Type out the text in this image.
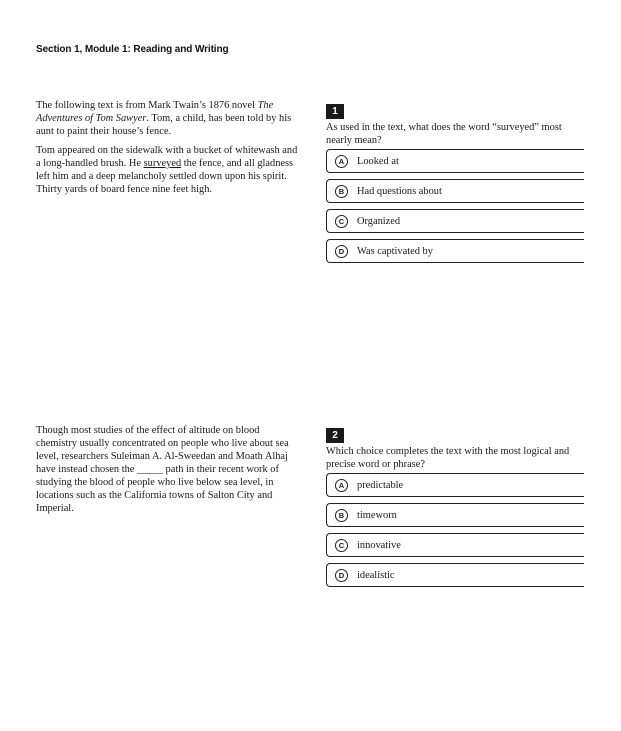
Section 1, Module 1: Reading and Writing

The following text is from Mark Twain’s 1876 novel The Adventures of Tom Sawyer. Tom, a child, has been told by his aunt to paint their house’s fence.

Tom appeared on the sidewalk with a bucket of whitewash and a long-handled brush. He surveyed the fence, and all gladness left him and a deep melancholy settled down upon his spirit. Thirty yards of board fence nine feet high.

1
As used in the text, what does the word “surveyed” most nearly mean?
A	Looked at
B	Had questions about
C	Organized
D	Was captivated by

Though most studies of the effect of altitude on blood chemistry usually concentrated on people who live about sea level, researchers Suleiman A. Al-Sweedan and Moath Alhaj have instead chosen the _____ path in their recent work of studying the blood of people who live below sea level, in locations such as the California towns of Salton City and Imperial.

2
Which choice completes the text with the most logical and precise word or phrase?
A	predictable
B	timeworn
C	innovative
D	idealistic
